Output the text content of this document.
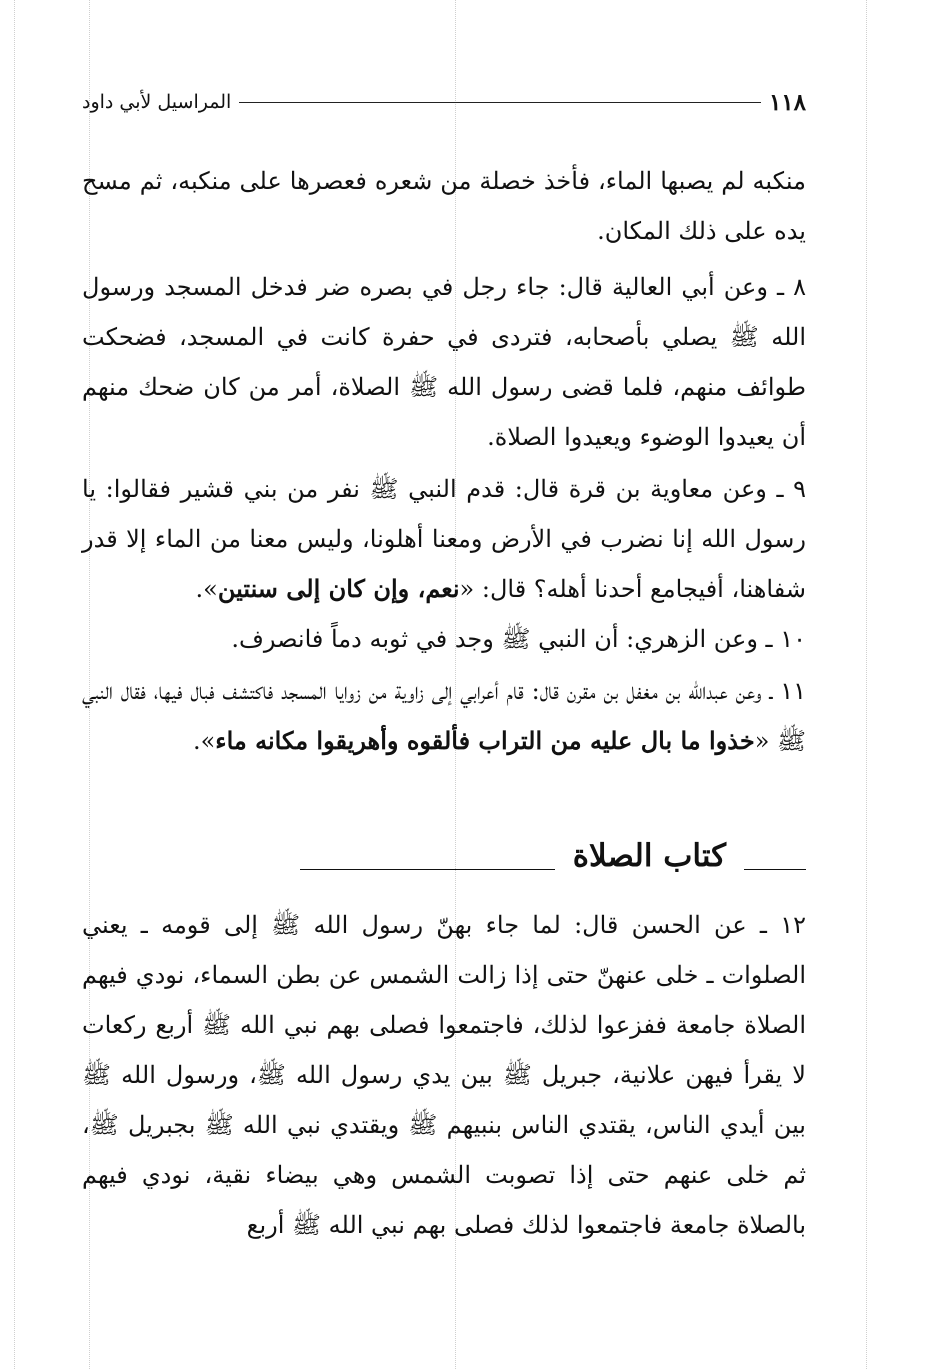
١١٨
المراسيل لأبي داود

منكبه لم يصبها الماء، فأخذ خصلة من شعره فعصرها على منكبه، ثم مسح يده على ذلك المكان.

٨ ـ وعن أبي العالية قال: جاء رجل في بصره ضر فدخل المسجد ورسول الله ﷺ يصلي بأصحابه، فتردى في حفرة كانت في المسجد، فضحكت طوائف منهم، فلما قضى رسول الله ﷺ الصلاة، أمر من كان ضحك منهم أن يعيدوا الوضوء ويعيدوا الصلاة.

٩ ـ وعن معاوية بن قرة قال: قدم النبي ﷺ نفر من بني قشير فقالوا: يا رسول الله إنا نضرب في الأرض ومعنا أهلونا، وليس معنا من الماء إلا قدر شفاهنا، أفيجامع أحدنا أهله؟ قال: «نعم، وإن كان إلى سنتين».
١٠ ـ وعن الزهري: أن النبي ﷺ وجد في ثوبه دماً فانصرف.

١١ ـ وعن عبدالله بن مغفل بن مقرن قال: قام أعرابي إلى زاوية من زوايا المسجد فاكتشف فبال فيها، فقال النبي ﷺ «خذوا ما بال عليه من التراب فألقوه وأهريقوا مكانه ماء».

كتاب الصلاة

١٢ ـ عن الحسن قال: لما جاء بهنّ رسول الله ﷺ إلى قومه ـ يعني الصلوات ـ خلى عنهنّ حتى إذا زالت الشمس عن بطن السماء، نودي فيهم الصلاة جامعة ففزعوا لذلك، فاجتمعوا فصلى بهم نبي الله ﷺ أربع ركعات لا يقرأ فيهن علانية، جبريل ﷺ بين يدي رسول الله ﷺ، ورسول الله ﷺ بين أيدي الناس، يقتدي الناس بنبيهم ﷺ ويقتدي نبي الله ﷺ بجبريل ﷺ، ثم خلى عنهم حتى إذا تصوبت الشمس وهي بيضاء نقية، نودي فيهم بالصلاة جامعة فاجتمعوا لذلك فصلى بهم نبي الله ﷺ أربع
